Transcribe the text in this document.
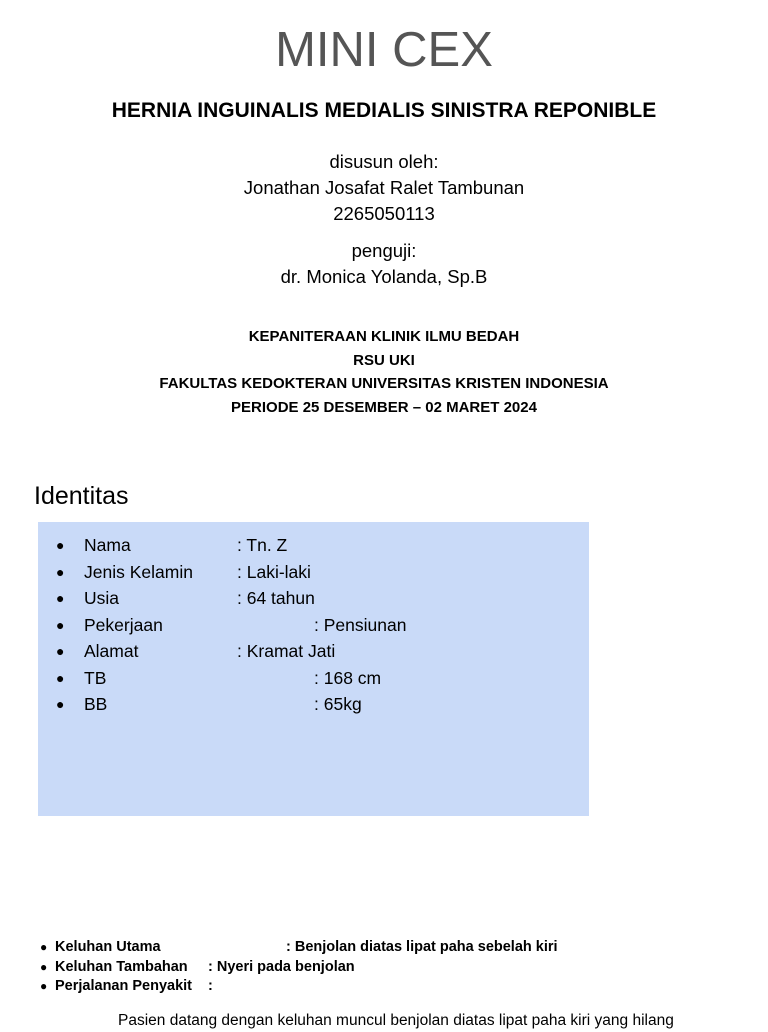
MINI CEX
HERNIA INGUINALIS MEDIALIS SINISTRA REPONIBLE
disusun oleh:
Jonathan Josafat Ralet Tambunan
2265050113
penguji:
dr. Monica Yolanda, Sp.B
KEPANITERAAN KLINIK ILMU BEDAH
RSU UKI
FAKULTAS KEDOKTERAN UNIVERSITAS KRISTEN INDONESIA
PERIODE 25 DESEMBER – 02 MARET 2024
Identitas
● Nama	: Tn. Z
● Jenis Kelamin	: Laki-laki
● Usia	: 64 tahun
● Pekerjaan	: Pensiunan
● Alamat	: Kramat Jati
● TB	: 168 cm
● BB	: 65kg
● Keluhan Utama	: Benjolan diatas lipat paha sebelah kiri
● Keluhan Tambahan : Nyeri pada benjolan
● Perjalanan Penyakit :
Pasien datang dengan keluhan muncul benjolan diatas lipat paha kiri yang hilang
